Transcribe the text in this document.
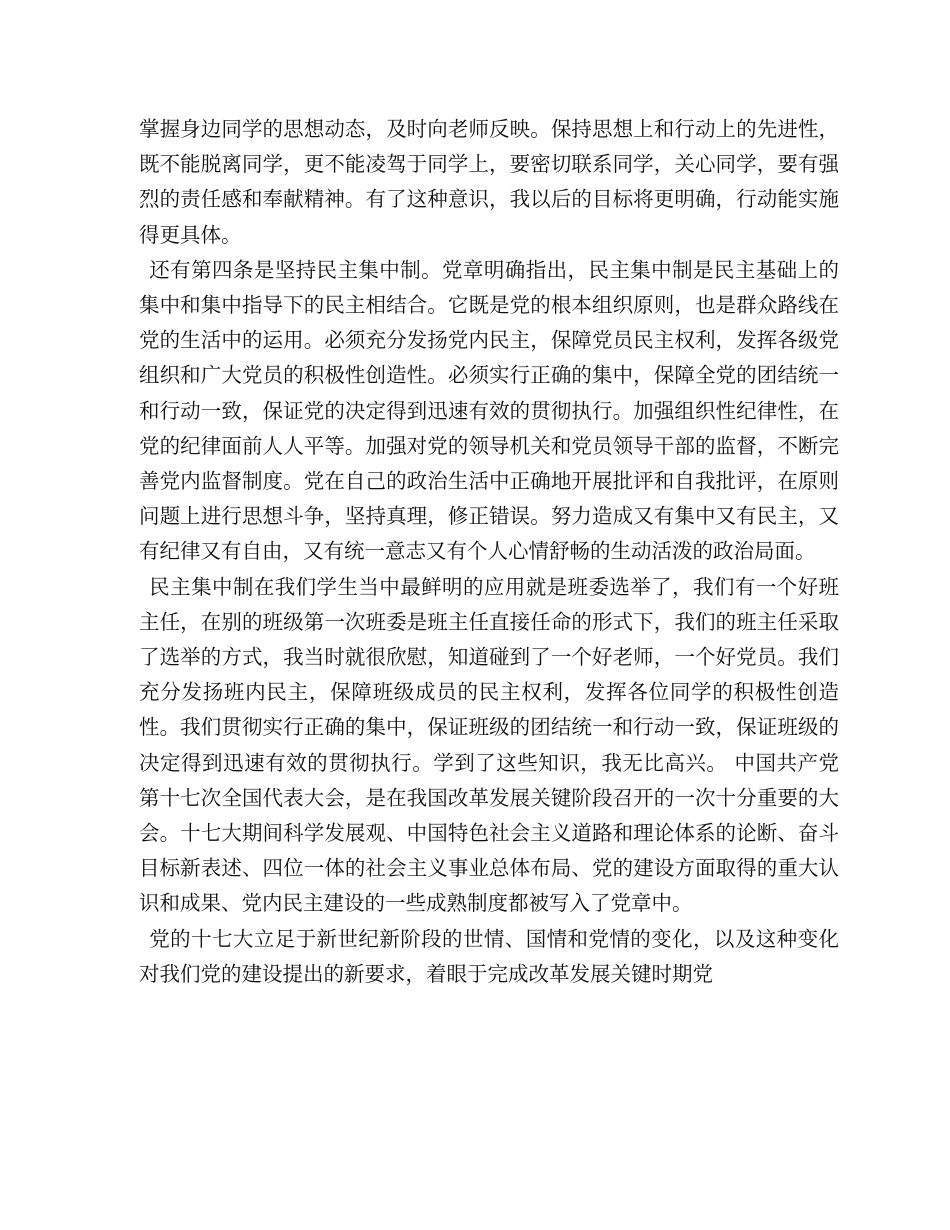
掌握身边同学的思想动态，及时向老师反映。保持思想上和行动上的先进性，既不能脱离同学，更不能凌驾于同学上，要密切联系同学，关心同学，要有强烈的责任感和奉献精神。有了这种意识，我以后的目标将更明确，行动能实施得更具体。

还有第四条是坚持民主集中制。党章明确指出，民主集中制是民主基础上的集中和集中指导下的民主相结合。它既是党的根本组织原则，也是群众路线在党的生活中的运用。必须充分发扬党内民主，保障党员民主权利，发挥各级党组织和广大党员的积极性创造性。必须实行正确的集中，保障全党的团结统一和行动一致，保证党的决定得到迅速有效的贯彻执行。加强组织性纪律性，在党的纪律面前人人平等。加强对党的领导机关和党员领导干部的监督，不断完善党内监督制度。党在自己的政治生活中正确地开展批评和自我批评，在原则问题上进行思想斗争，坚持真理，修正错误。努力造成又有集中又有民主，又有纪律又有自由，又有统一意志又有个人心情舒畅的生动活泼的政治局面。

民主集中制在我们学生当中最鲜明的应用就是班委选举了，我们有一个好班主任，在别的班级第一次班委是班主任直接任命的形式下，我们的班主任采取了选举的方式，我当时就很欣慰，知道碰到了一个好老师，一个好党员。我们充分发扬班内民主，保障班级成员的民主权利，发挥各位同学的积极性创造性。我们贯彻实行正确的集中，保证班级的团结统一和行动一致，保证班级的决定得到迅速有效的贯彻执行。学到了这些知识，我无比高兴。 中国共产党第十七次全国代表大会，是在我国改革发展关键阶段召开的一次十分重要的大会。十七大期间科学发展观、中国特色社会主义道路和理论体系的论断、奋斗目标新表述、四位一体的社会主义事业总体布局、党的建设方面取得的重大认识和成果、党内民主建设的一些成熟制度都被写入了党章中。

党的十七大立足于新世纪新阶段的世情、国情和党情的变化，以及这种变化对我们党的建设提出的新要求，着眼于完成改革发展关键时期党
